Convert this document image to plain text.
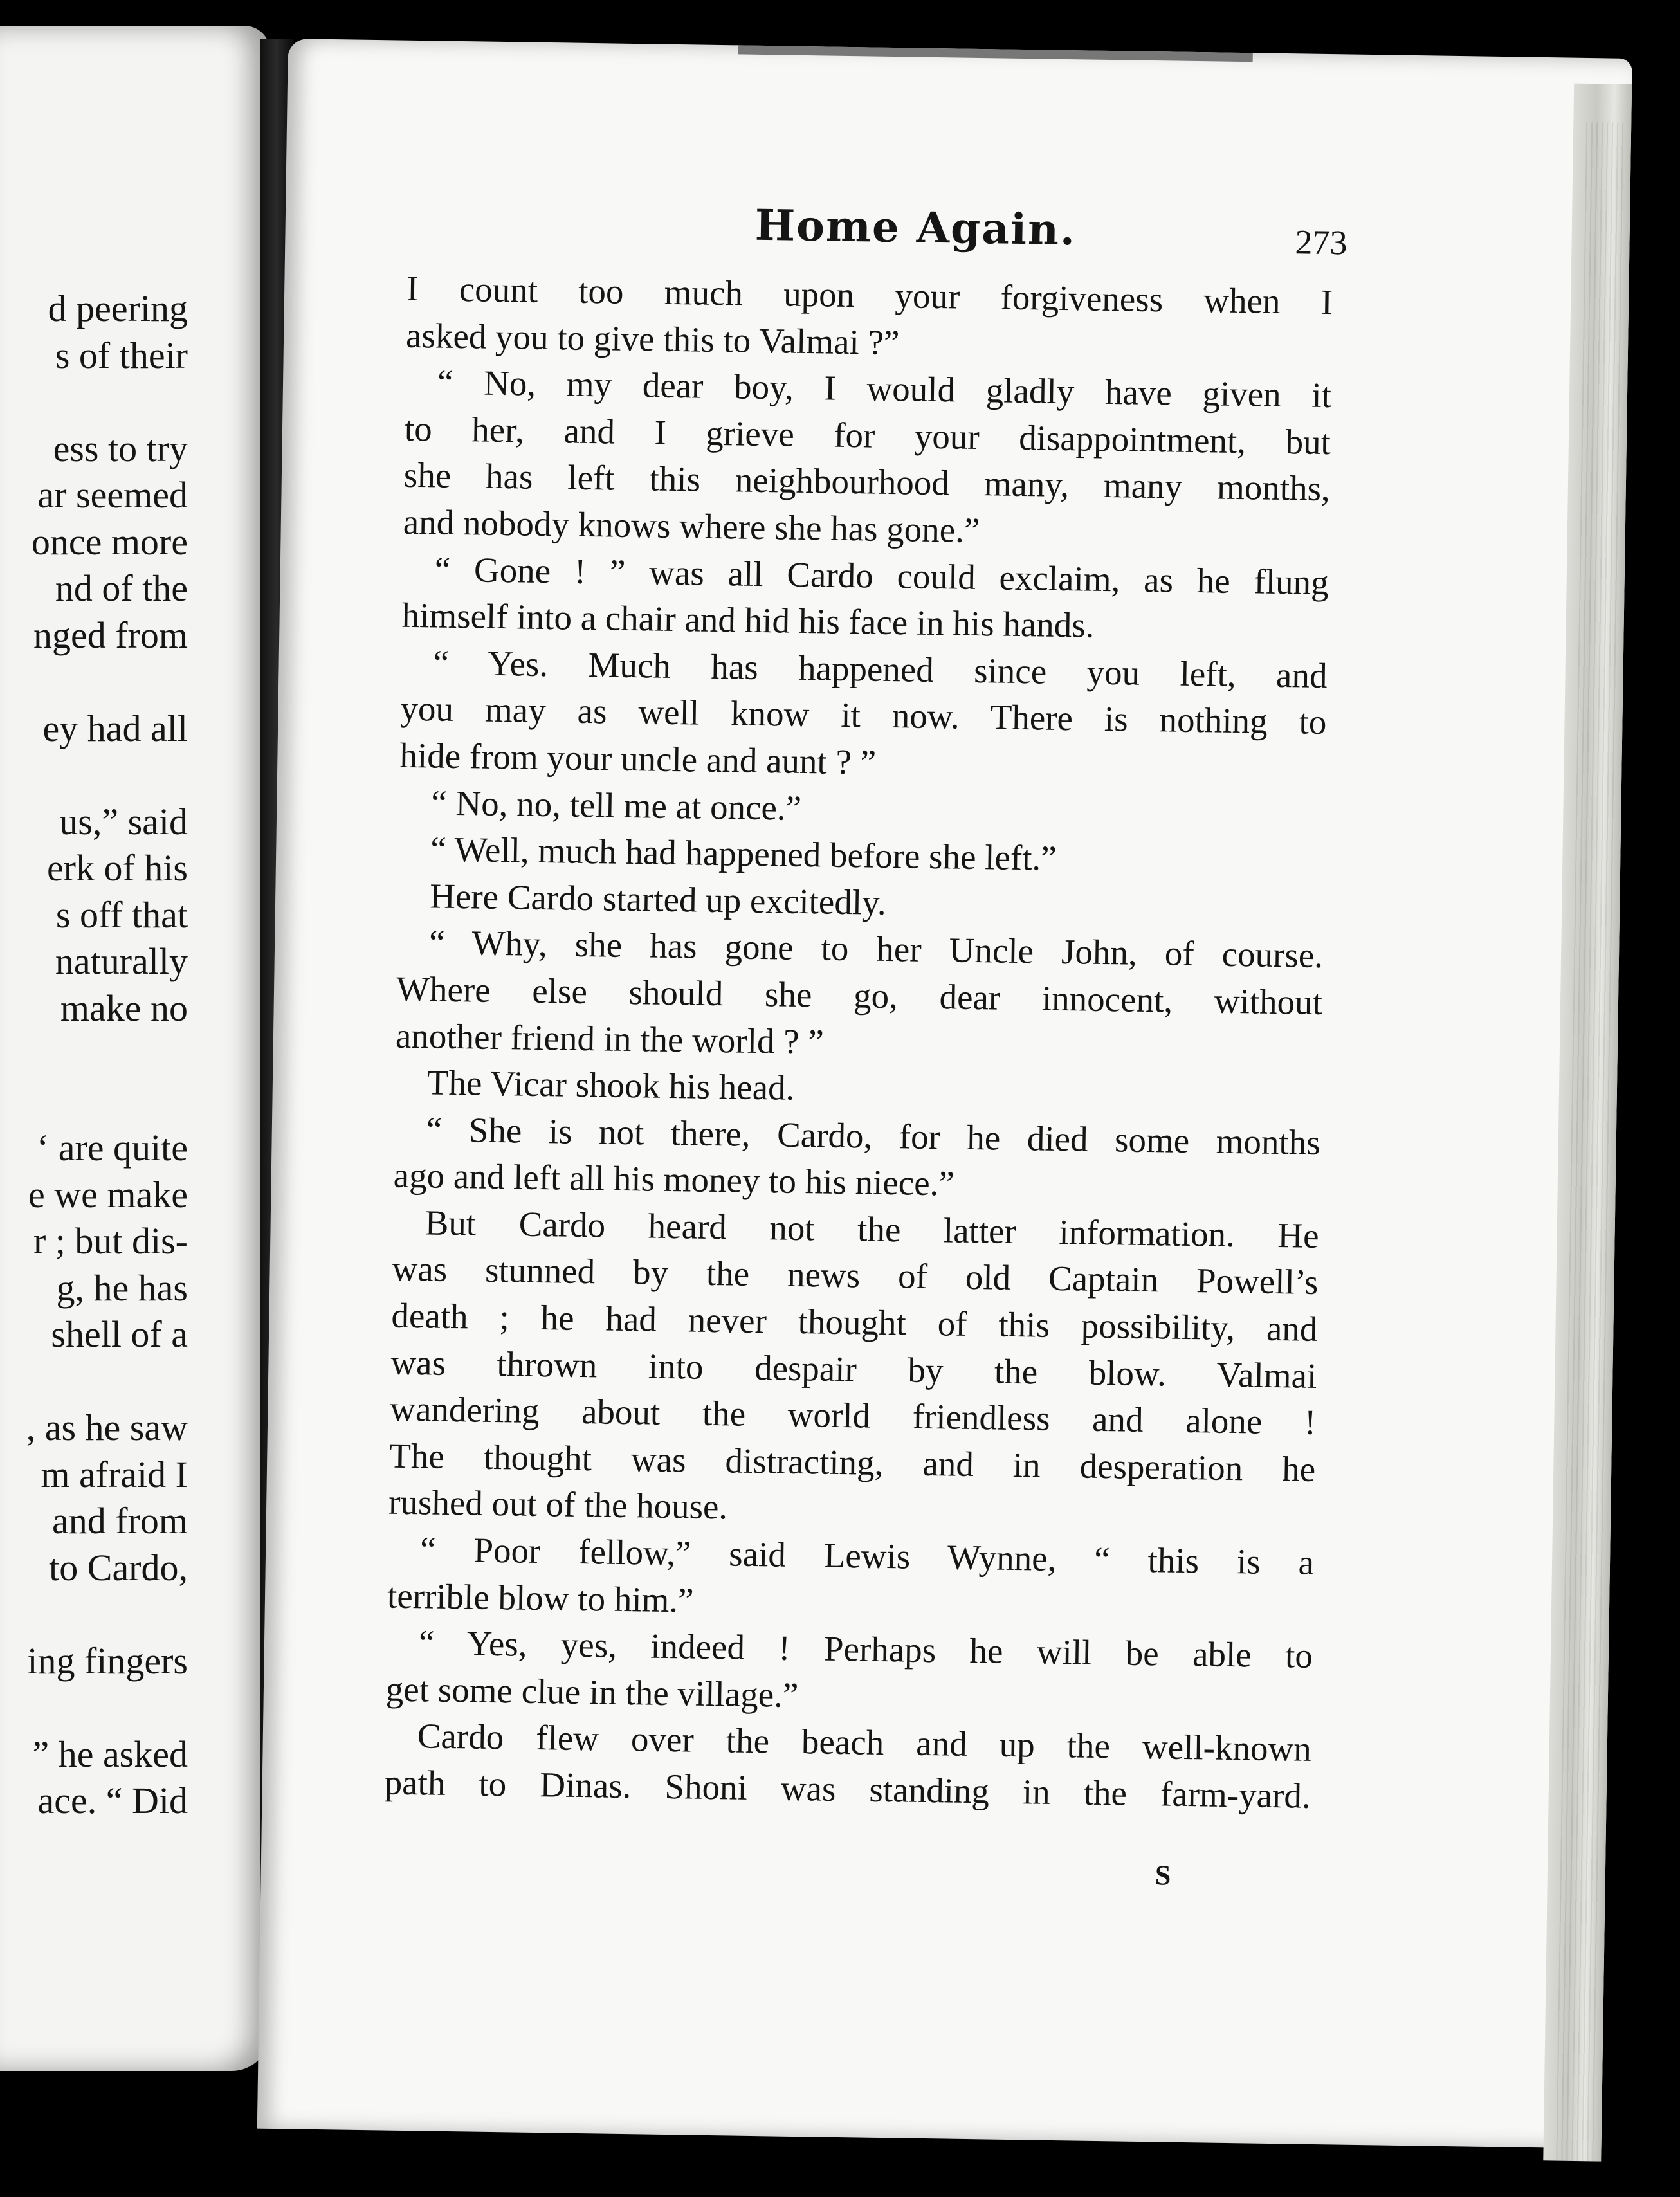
d peering
s of their
ess to try
ar seemed
once more
nd of the
nged from
ey had all
us,” said
erk of his
s off that
naturally
make no
‘ are quite
e we make
r ; but dis-
g, he has
shell of a
, as he saw
m afraid I
and from
to Cardo,
ing fingers
” he asked
ace. “ Did
Home Again.	273
I count too much upon your forgiveness when I
asked you to give this to Valmai ?”
“ No, my dear boy, I would gladly have given it
to her, and I grieve for your disappointment, but
she has left this neighbourhood many, many months,
and nobody knows where she has gone.”
“ Gone ! ” was all Cardo could exclaim, as he flung
himself into a chair and hid his face in his hands.
“ Yes. Much has happened since you left, and
you may as well know it now. There is nothing to
hide from your uncle and aunt ? ”
“ No, no, tell me at once.”
“ Well, much had happened before she left.”
Here Cardo started up excitedly.
“ Why, she has gone to her Uncle John, of course.
Where else should she go, dear innocent, without
another friend in the world ? ”
The Vicar shook his head.
“ She is not there, Cardo, for he died some months
ago and left all his money to his niece.”
But Cardo heard not the latter information. He
was stunned by the news of old Captain Powell’s
death ; he had never thought of this possibility, and
was thrown into despair by the blow. Valmai
wandering about the world friendless and alone !
The thought was distracting, and in desperation he
rushed out of the house.
“ Poor fellow,” said Lewis Wynne, “ this is a
terrible blow to him.”
“ Yes, yes, indeed ! Perhaps he will be able to
get some clue in the village.”
Cardo flew over the beach and up the well-known
path to Dinas. Shoni was standing in the farm-yard.
S
